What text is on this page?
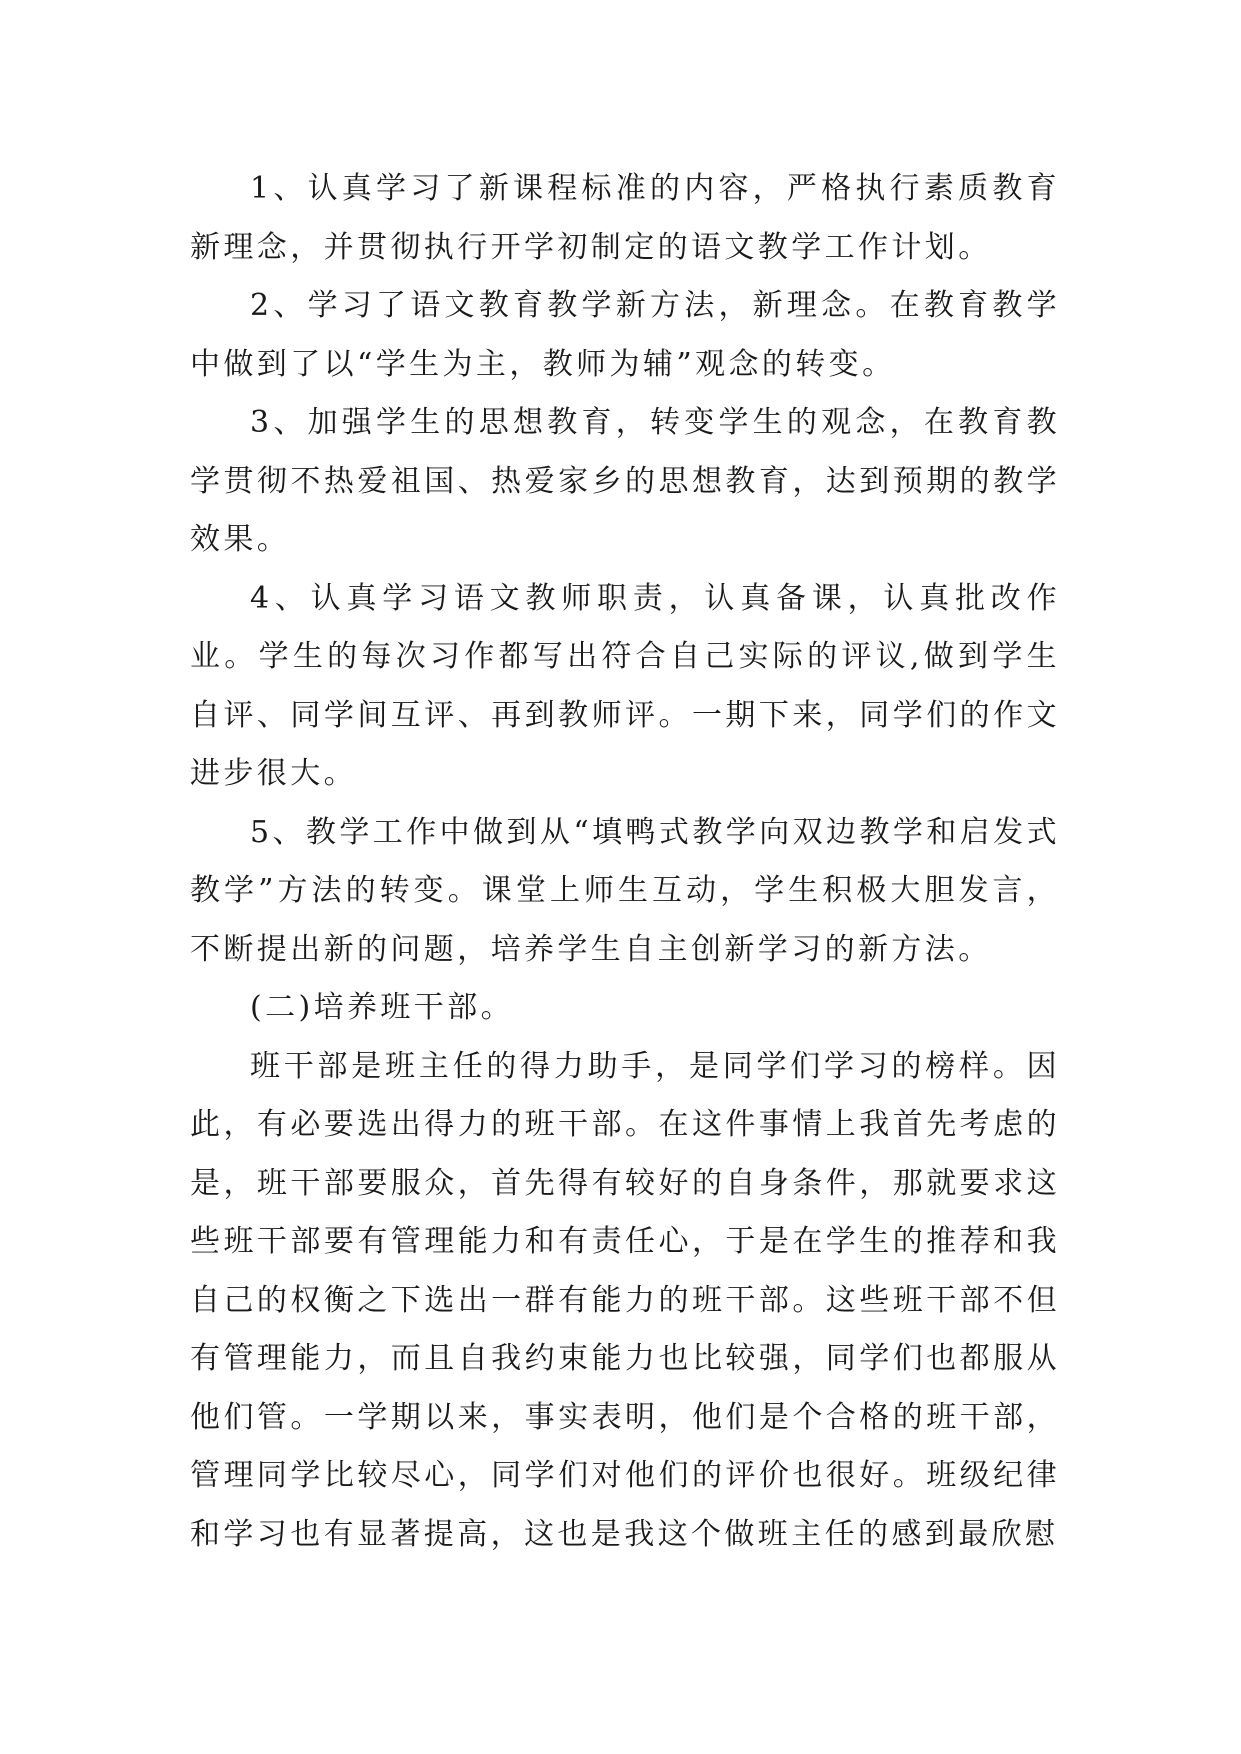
1、认真学习了新课程标准的内容，严格执行素质教育新理念，并贯彻执行开学初制定的语文教学工作计划。

2、学习了语文教育教学新方法，新理念。在教育教学中做到了以“学生为主，教师为辅”观念的转变。

3、加强学生的思想教育，转变学生的观念，在教育教学贯彻不热爱祖国、热爱家乡的思想教育，达到预期的教学效果。

4、认真学习语文教师职责，认真备课，认真批改作业。学生的每次习作都写出符合自己实际的评议,做到学生自评、同学间互评、再到教师评。一期下来，同学们的作文进步很大。

5、教学工作中做到从“填鸭式教学向双边教学和启发式教学”方法的转变。课堂上师生互动，学生积极大胆发言，不断提出新的问题，培养学生自主创新学习的新方法。

(二)培养班干部。

班干部是班主任的得力助手，是同学们学习的榜样。因此，有必要选出得力的班干部。在这件事情上我首先考虑的是，班干部要服众，首先得有较好的自身条件，那就要求这些班干部要有管理能力和有责任心，于是在学生的推荐和我自己的权衡之下选出一群有能力的班干部。这些班干部不但有管理能力，而且自我约束能力也比较强，同学们也都服从他们管。一学期以来，事实表明，他们是个合格的班干部，管理同学比较尽心，同学们对他们的评价也很好。班级纪律和学习也有显著提高，这也是我这个做班主任的感到最欣慰
